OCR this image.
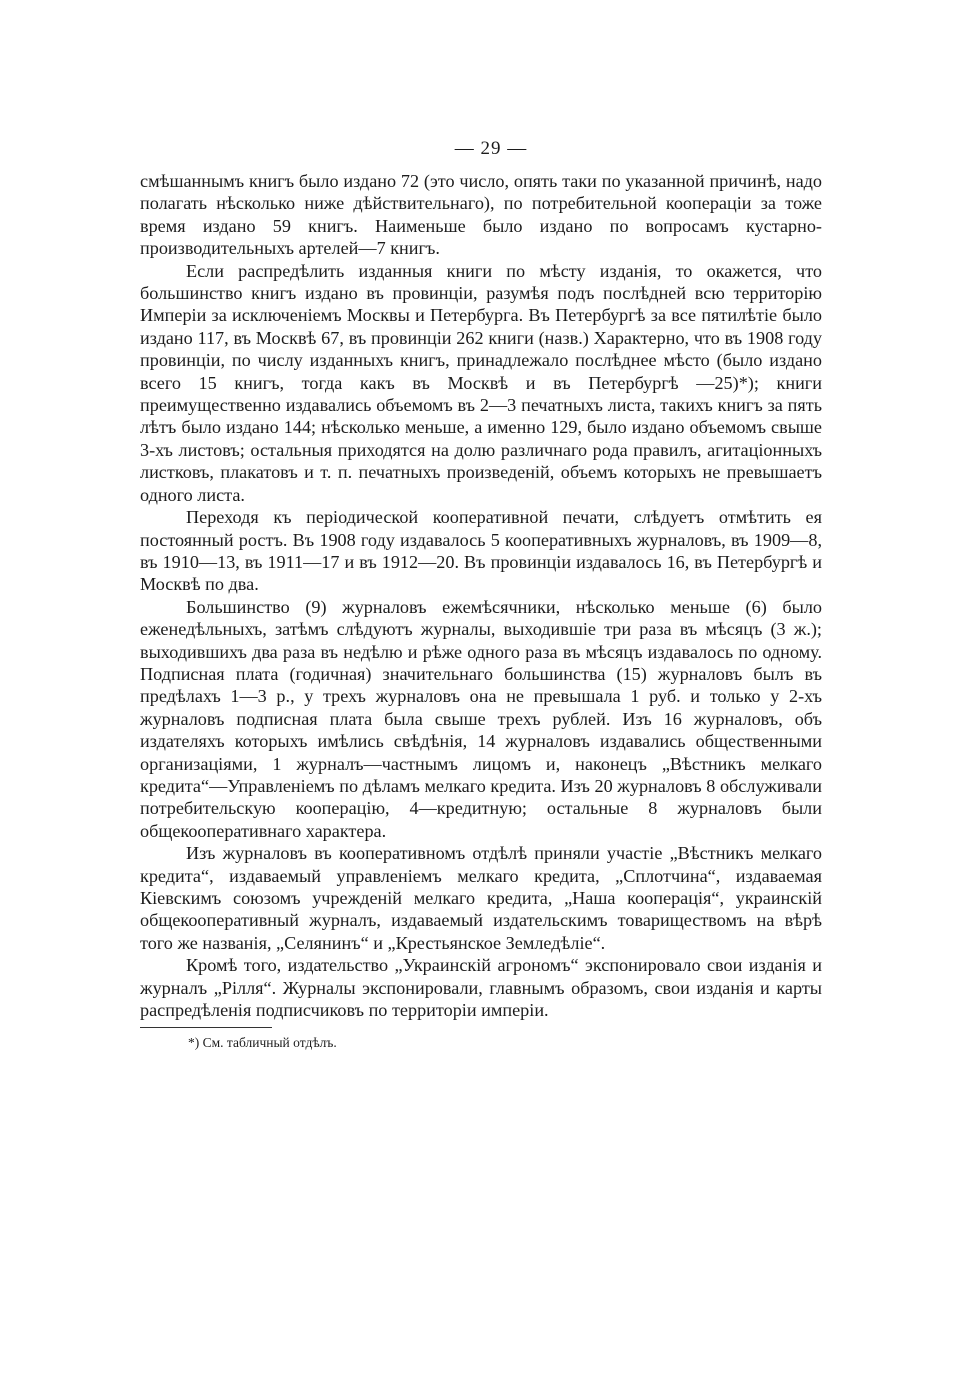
— 29 —

смѣшаннымъ книгъ было издано 72 (это число, опять таки по указанной причинѣ, надо полагать нѣсколько ниже дѣйствительнаго), по потребительной коопераціи за тоже время издано 59 книгъ. Наименьше было издано по вопросамъ кустарно-производительныхъ артелей—7 книгъ.

Если распредѣлить изданныя книги по мѣсту изданія, то окажется, что большинство книгъ издано въ провинціи, разумѣя подъ послѣдней всю территорію Имперіи за исключеніемъ Москвы и Петербурга. Въ Петербургѣ за все пятилѣтіе было издано 117, въ Москвѣ 67, въ провинціи 262 книги (назв.) Характерно, что въ 1908 году провинціи, по числу изданныхъ книгъ, принадлежало послѣднее мѣсто (было издано всего 15 книгъ, тогда какъ въ Москвѣ и въ Петербургѣ —25)*); книги преимущественно издавались объемомъ въ 2—3 печатныхъ листа, такихъ книгъ за пять лѣтъ было издано 144; нѣсколько меньше, а именно 129, было издано объемомъ свыше 3-хъ листовъ; остальныя приходятся на долю различнаго рода правилъ, агитаціонныхъ листковъ, плакатовъ и т. п. печатныхъ произведеній, объемъ которыхъ не превышаетъ одного листа.

Переходя къ періодической кооперативной печати, слѣдуетъ отмѣтить ея постоянный ростъ. Въ 1908 году издавалось 5 кооперативныхъ журналовъ, въ 1909—8, въ 1910—13, въ 1911—17 и въ 1912—20. Въ провинціи издавалось 16, въ Петербургѣ и Москвѣ по два.

Большинство (9) журналовъ ежемѣсячники, нѣсколько меньше (6) было еженедѣльныхъ, затѣмъ слѣдуютъ журналы, выходившіе три раза въ мѣсяцъ (3 ж.); выходившихъ два раза въ недѣлю и рѣже одного раза въ мѣсяцъ издавалось по одному. Подписная плата (годичная) значительнаго большинства (15) журналовъ былъ въ предѣлахъ 1—3 р., у трехъ журналовъ она не превышала 1 руб. и только у 2-хъ журналовъ подписная плата была свыше трехъ рублей. Изъ 16 журналовъ, объ издателяхъ которыхъ имѣлись свѣдѣнія, 14 журналовъ издавались общественными организаціями, 1 журналъ—частнымъ лицомъ и, наконецъ „Вѣстникъ мелкаго кредита“—Управленіемъ по дѣламъ мелкаго кредита. Изъ 20 журналовъ 8 обслуживали потребительскую кооперацію, 4—кредитную; остальные 8 журналовъ были общекооперативнаго характера.

Изъ журналовъ въ кооперативномъ отдѣлѣ приняли участіе „Вѣстникъ мелкаго кредита“, издаваемый управленіемъ мелкаго кредита, „Сплотчина“, издаваемая Кіевскимъ союзомъ учрежденій мелкаго кредита, „Наша кооперація“, украинскій общекооперативный журналъ, издаваемый издательскимъ товариществомъ на вѣрѣ того же названія, „Селянинъ“ и „Крестьянское Земледѣліе“.

Кромѣ того, издательство „Украинскій агрономъ“ экспонировало свои изданія и журналъ „Рілля“. Журналы экспонировали, главнымъ образомъ, свои изданія и карты распредѣленія подписчиковъ по территоріи имперіи.

*) См. табличный отдѣлъ.
